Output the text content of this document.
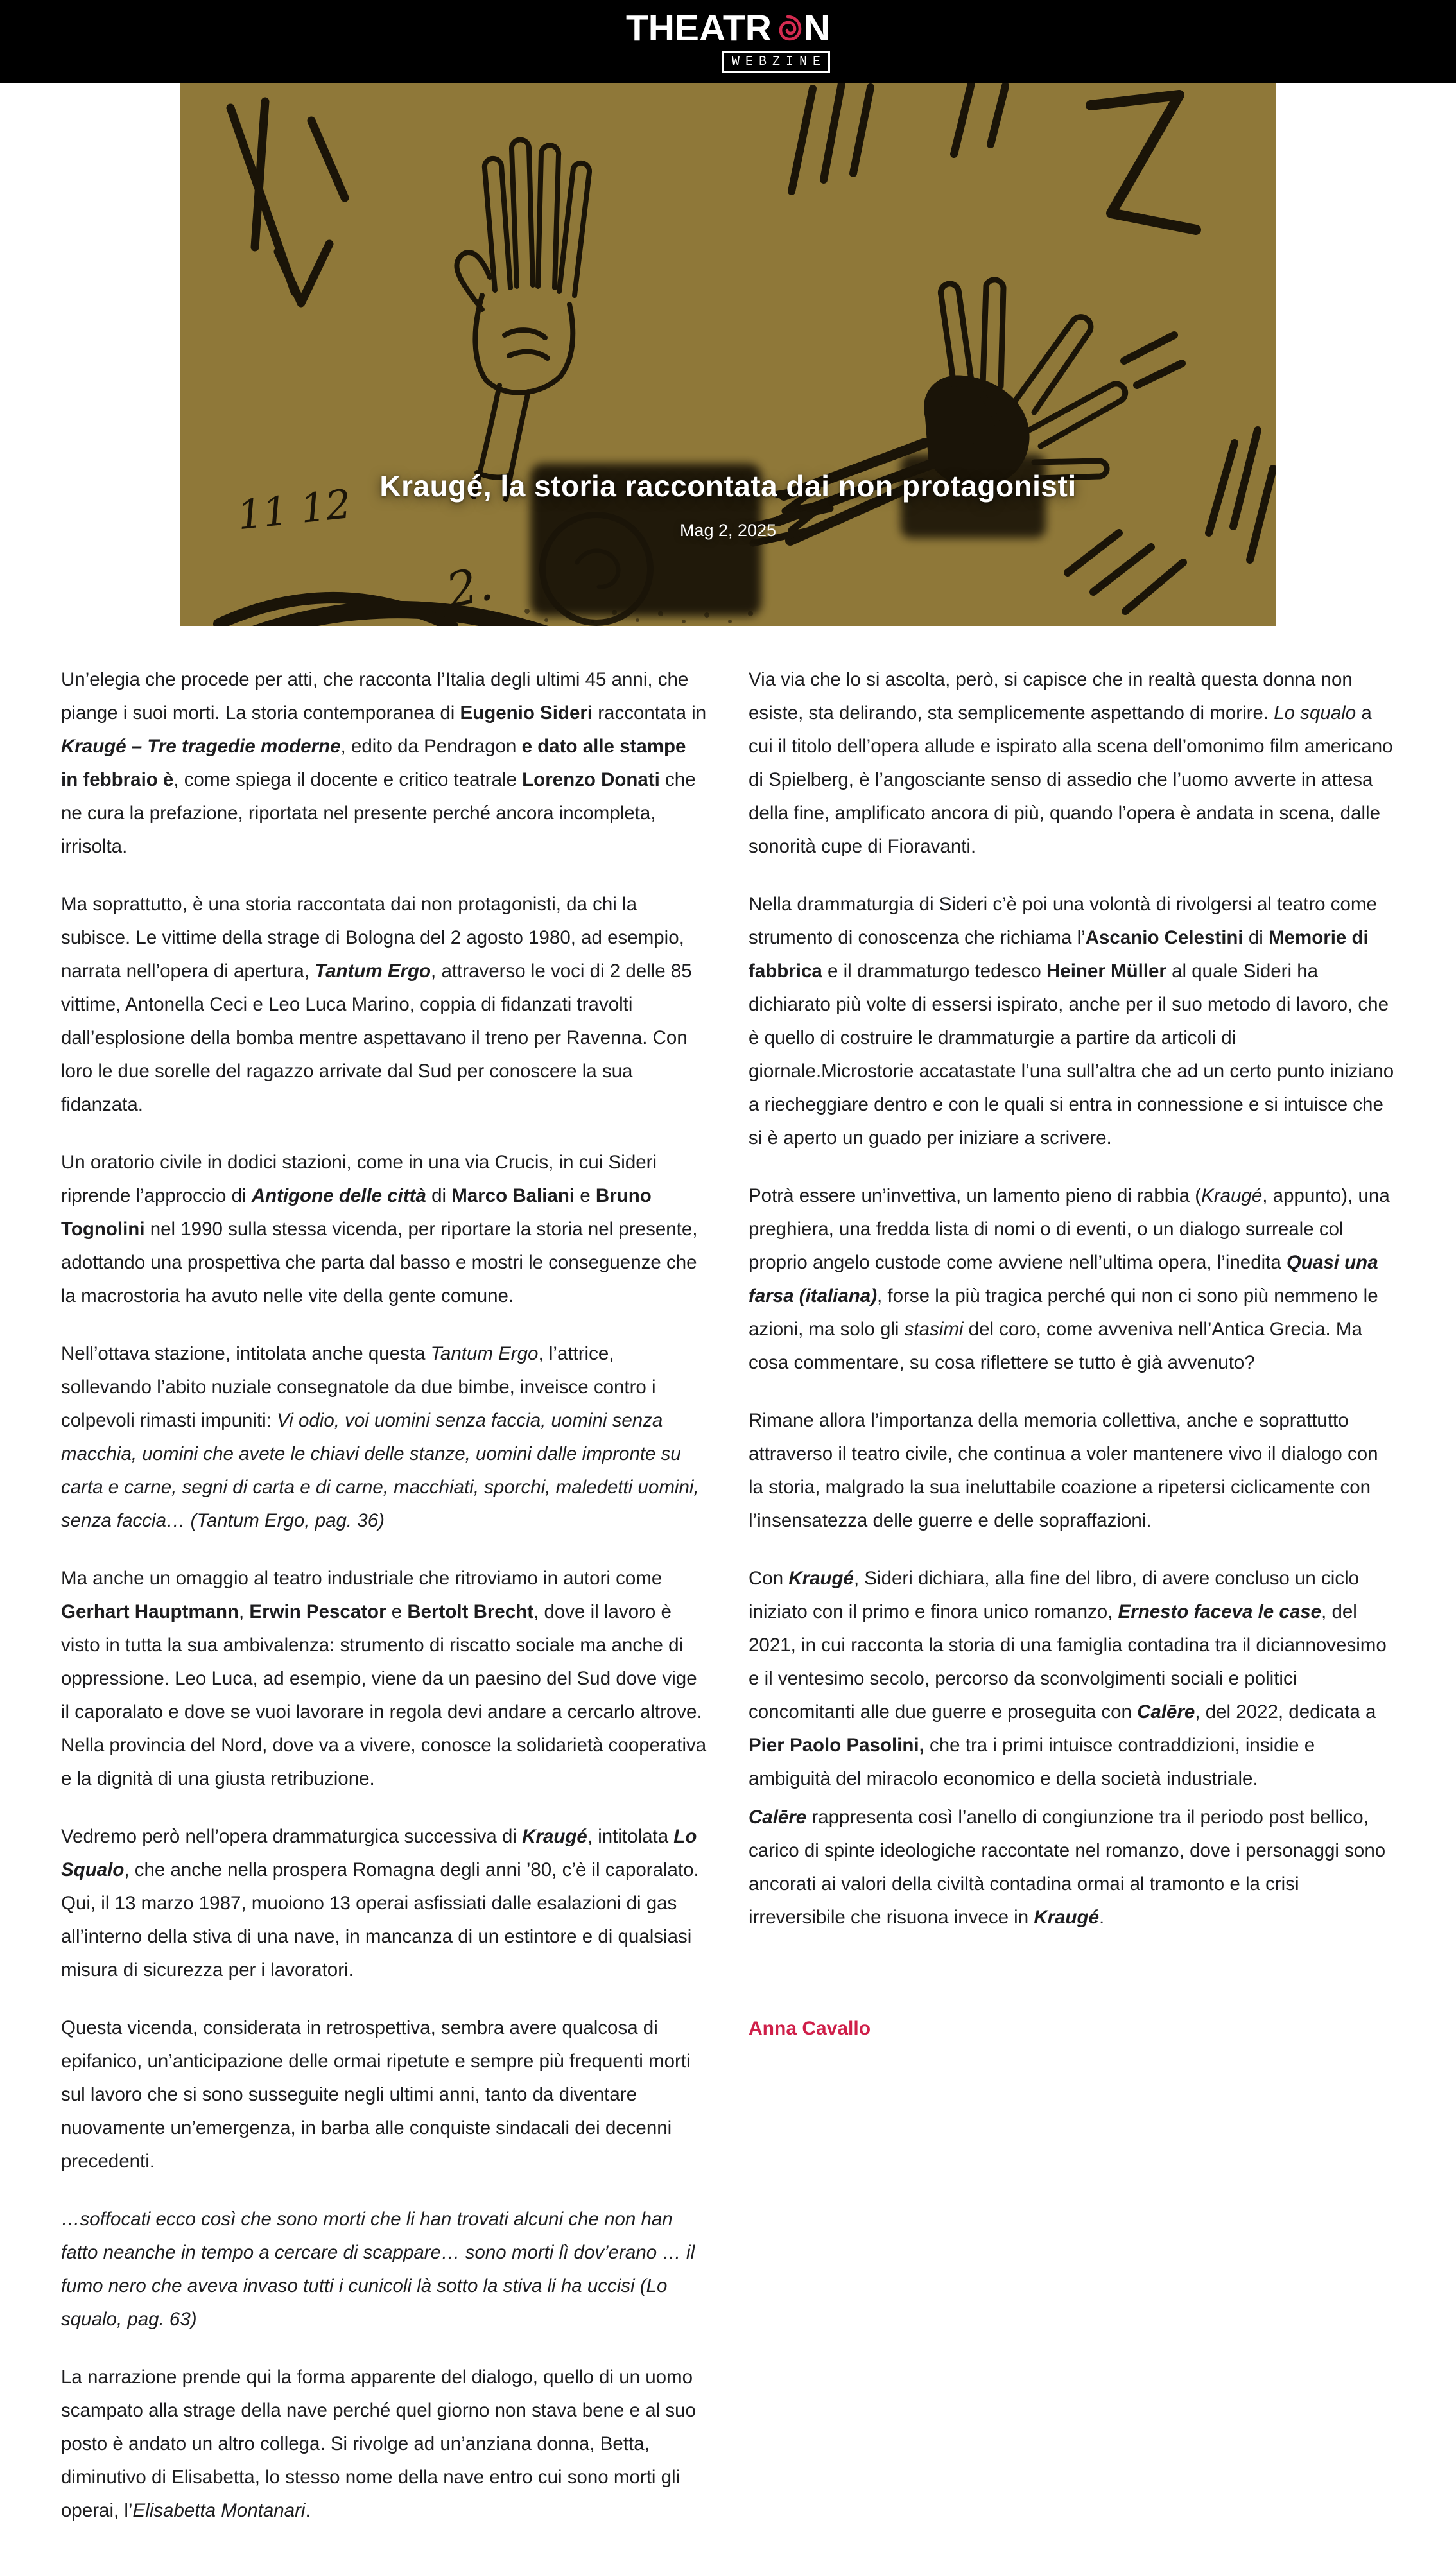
THEATR N
WEBZINE
11 12
2.
Kraugé, la storia raccontata dai non protagonisti
Mag 2, 2025

Un’elegia che procede per atti, che racconta l’Italia degli ultimi 45 anni, che piange i suoi morti. La storia contemporanea di Eugenio Sideri raccontata in Kraugé – Tre tragedie moderne, edito da Pendragon e dato alle stampe in febbraio è, come spiega il docente e critico teatrale Lorenzo Donati che ne cura la prefazione, riportata nel presente perché ancora incompleta, irrisolta.

Ma soprattutto, è una storia raccontata dai non protagonisti, da chi la subisce. Le vittime della strage di Bologna del 2 agosto 1980, ad esempio, narrata nell’opera di apertura, Tantum Ergo, attraverso le voci di 2 delle 85 vittime, Antonella Ceci e Leo Luca Marino, coppia di fidanzati travolti dall’esplosione della bomba mentre aspettavano il treno per Ravenna. Con loro le due sorelle del ragazzo arrivate dal Sud per conoscere la sua fidanzata.

Un oratorio civile in dodici stazioni, come in una via Crucis, in cui Sideri riprende l’approccio di Antigone delle città di Marco Baliani e Bruno Tognolini nel 1990 sulla stessa vicenda, per riportare la storia nel presente, adottando una prospettiva che parta dal basso e mostri le conseguenze che la macrostoria ha avuto nelle vite della gente comune.

Nell’ottava stazione, intitolata anche questa Tantum Ergo, l’attrice, sollevando l’abito nuziale consegnatole da due bimbe, inveisce contro i colpevoli rimasti impuniti: Vi odio, voi uomini senza faccia, uomini senza macchia, uomini che avete le chiavi delle stanze, uomini dalle impronte su carta e carne, segni di carta e di carne, macchiati, sporchi, maledetti uomini, senza faccia… (Tantum Ergo, pag. 36)

Ma anche un omaggio al teatro industriale che ritroviamo in autori come Gerhart Hauptmann, Erwin Pescator e Bertolt Brecht, dove il lavoro è visto in tutta la sua ambivalenza: strumento di riscatto sociale ma anche di oppressione. Leo Luca, ad esempio, viene da un paesino del Sud dove vige il caporalato e dove se vuoi lavorare in regola devi andare a cercarlo altrove. Nella provincia del Nord, dove va a vivere, conosce la solidarietà cooperativa e la dignità di una giusta retribuzione.

Vedremo però nell’opera drammaturgica successiva di Kraugé, intitolata Lo Squalo, che anche nella prospera Romagna degli anni ’80, c’è il caporalato. Qui, il 13 marzo 1987, muoiono 13 operai asfissiati dalle esalazioni di gas all’interno della stiva di una nave, in mancanza di un estintore e di qualsiasi misura di sicurezza per i lavoratori.

Questa vicenda, considerata in retrospettiva, sembra avere qualcosa di epifanico, un’anticipazione delle ormai ripetute e sempre più frequenti morti sul lavoro che si sono susseguite negli ultimi anni, tanto da diventare nuovamente un’emergenza, in barba alle conquiste sindacali dei decenni precedenti.

…soffocati ecco così che sono morti che li han trovati alcuni che non han fatto neanche in tempo a cercare di scappare… sono morti lì dov’erano … il fumo nero che aveva invaso tutti i cunicoli là sotto la stiva li ha uccisi (Lo squalo, pag. 63)

La narrazione prende qui la forma apparente del dialogo, quello di un uomo scampato alla strage della nave perché quel giorno non stava bene e al suo posto è andato un altro collega. Si rivolge ad un’anziana donna, Betta, diminutivo di Elisabetta, lo stesso nome della nave entro cui sono morti gli operai, l’Elisabetta Montanari.

Via via che lo si ascolta, però, si capisce che in realtà questa donna non esiste, sta delirando, sta semplicemente aspettando di morire. Lo squalo a cui il titolo dell’opera allude e ispirato alla scena dell’omonimo film americano di Spielberg, è l’angosciante senso di assedio che l’uomo avverte in attesa della fine, amplificato ancora di più, quando l’opera è andata in scena, dalle sonorità cupe di Fioravanti.

Nella drammaturgia di Sideri c’è poi una volontà di rivolgersi al teatro come strumento di conoscenza che richiama l’Ascanio Celestini di Memorie di fabbrica e il drammaturgo tedesco Heiner Müller al quale Sideri ha dichiarato più volte di essersi ispirato, anche per il suo metodo di lavoro, che è quello di costruire le drammaturgie a partire da articoli di giornale.Microstorie accatastate l’una sull’altra che ad un certo punto iniziano a riecheggiare dentro e con le quali si entra in connessione e si intuisce che si è aperto un guado per iniziare a scrivere.

Potrà essere un’invettiva, un lamento pieno di rabbia (Kraugé, appunto), una preghiera, una fredda lista di nomi o di eventi, o un dialogo surreale col proprio angelo custode come avviene nell’ultima opera, l’inedita Quasi una farsa (italiana), forse la più tragica perché qui non ci sono più nemmeno le azioni, ma solo gli stasimi del coro, come avveniva nell’Antica Grecia. Ma cosa commentare, su cosa riflettere se tutto è già avvenuto?

Rimane allora l’importanza della memoria collettiva, anche e soprattutto attraverso il teatro civile, che continua a voler mantenere vivo il dialogo con la storia, malgrado la sua ineluttabile coazione a ripetersi ciclicamente con l’insensatezza delle guerre e delle sopraffazioni.

Con Kraugé, Sideri dichiara, alla fine del libro, di avere concluso un ciclo iniziato con il primo e finora unico romanzo, Ernesto faceva le case, del 2021, in cui racconta la storia di una famiglia contadina tra il diciannovesimo e il ventesimo secolo, percorso da sconvolgimenti sociali e politici concomitanti alle due guerre e proseguita con Calēre, del 2022, dedicata a Pier Paolo Pasolini, che tra i primi intuisce contraddizioni, insidie e ambiguità del miracolo economico e della società industriale.

Calēre rappresenta così l’anello di congiunzione tra il periodo post bellico, carico di spinte ideologiche raccontate nel romanzo, dove i personaggi sono ancorati ai valori della civiltà contadina ormai al tramonto e la crisi irreversibile che risuona invece in Kraugé.

Anna Cavallo
